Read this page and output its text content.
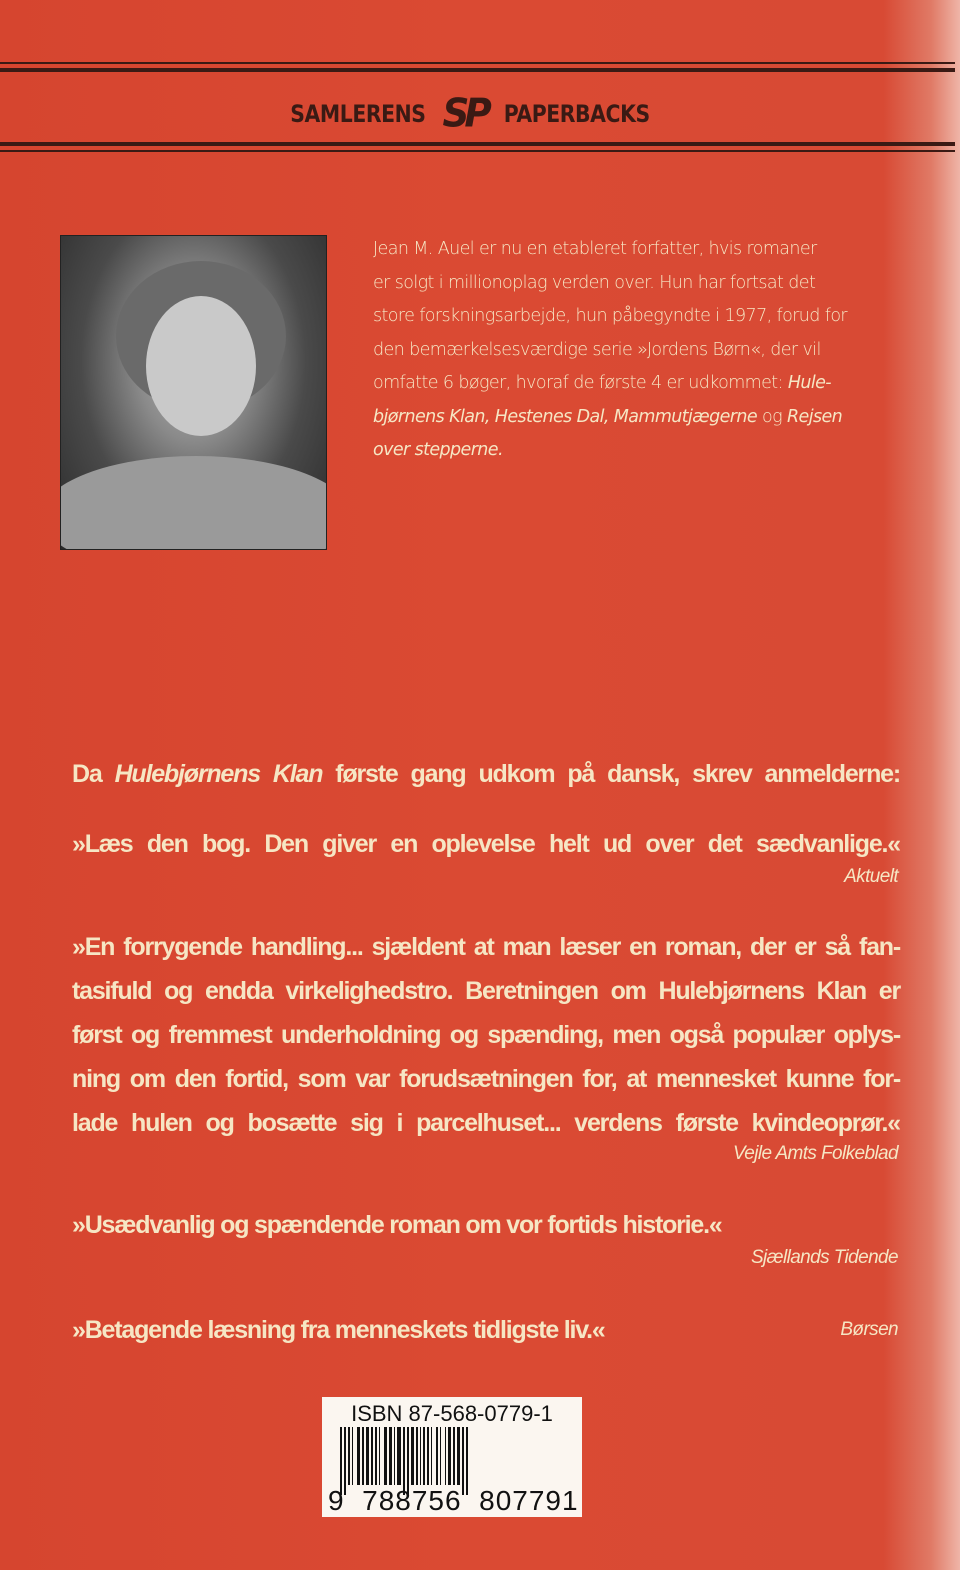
SAMLERENS SP PAPERBACKS
Jean M. Auel er nu en etableret forfatter, hvis romaner
er solgt i millionoplag verden over. Hun har fortsat det
store forskningsarbejde, hun påbegyndte i 1977, forud for
den bemærkelsesværdige serie »Jordens Børn«, der vil
omfatte 6 bøger, hvoraf de første 4 er udkommet: Hule-
bjørnens Klan, Hestenes Dal, Mammutjægerne og Rejsen
over stepperne.
Da Hulebjørnens Klan første gang udkom på dansk, skrev anmelderne:
»Læs den bog. Den giver en oplevelse helt ud over det sædvanlige.«
Aktuelt
»En forrygende handling... sjældent at man læser en roman, der er så fan-
tasifuld og endda virkelighedstro. Beretningen om Hulebjørnens Klan er
først og fremmest underholdning og spænding, men også populær oplys-
ning om den fortid, som var forudsætningen for, at mennesket kunne for-
lade hulen og bosætte sig i parcelhuset... verdens første kvindeoprør.«
Vejle Amts Folkeblad
»Usædvanlig og spændende roman om vor fortids historie.«
Sjællands Tidende
»Betagende læsning fra menneskets tidligste liv.«	Børsen
ISBN 87-568-0779-1
9 788756 807791
